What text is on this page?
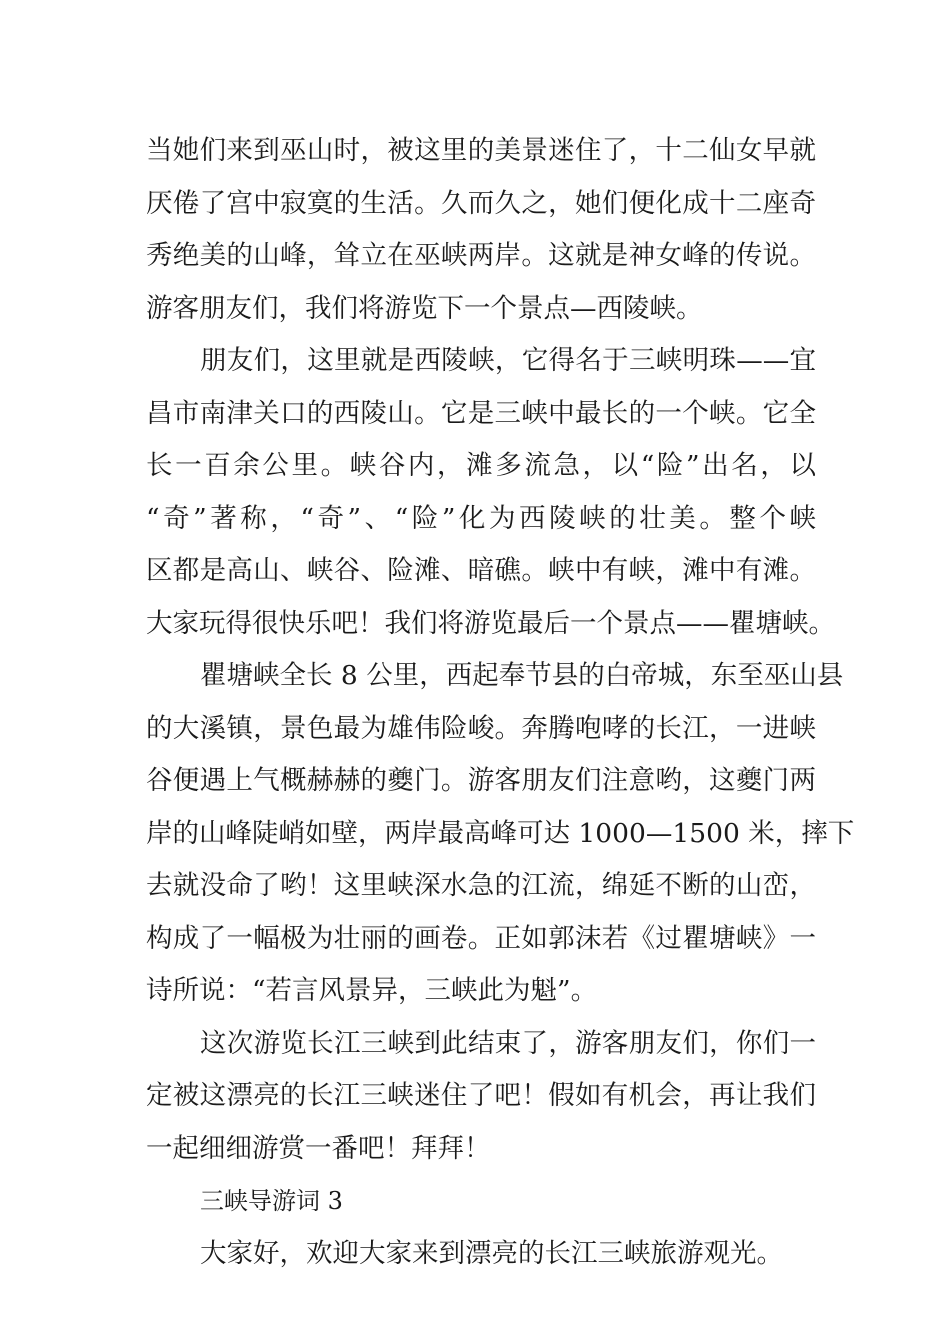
当她们来到巫山时，被这里的美景迷住了，十二仙女早就
厌倦了宫中寂寞的生活。久而久之，她们便化成十二座奇
秀绝美的山峰，耸立在巫峡两岸。这就是神女峰的传说。
游客朋友们，我们将游览下一个景点—西陵峡。
朋友们，这里就是西陵峡，它得名于三峡明珠——宜
昌市南津关口的西陵山。它是三峡中最长的一个峡。它全
长一百余公里。峡谷内，滩多流急，以“险”出名，以
“奇”著称，“奇”、“险”化为西陵峡的壮美。整个峡
区都是高山、峡谷、险滩、暗礁。峡中有峡，滩中有滩。
大家玩得很快乐吧！我们将游览最后一个景点——瞿塘峡。
瞿塘峡全长 8 公里，西起奉节县的白帝城，东至巫山县
的大溪镇，景色最为雄伟险峻。奔腾咆哮的长江，一进峡
谷便遇上气概赫赫的夔门。游客朋友们注意哟，这夔门两
岸的山峰陡峭如壁，两岸最高峰可达 1000—1500 米，摔下
去就没命了哟！这里峡深水急的江流，绵延不断的山峦，
构成了一幅极为壮丽的画卷。正如郭沫若《过瞿塘峡》一
诗所说：“若言风景异，三峡此为魁”。
这次游览长江三峡到此结束了，游客朋友们，你们一
定被这漂亮的长江三峡迷住了吧！假如有机会，再让我们
一起细细游赏一番吧！拜拜！
三峡导游词 3
大家好，欢迎大家来到漂亮的长江三峡旅游观光。
